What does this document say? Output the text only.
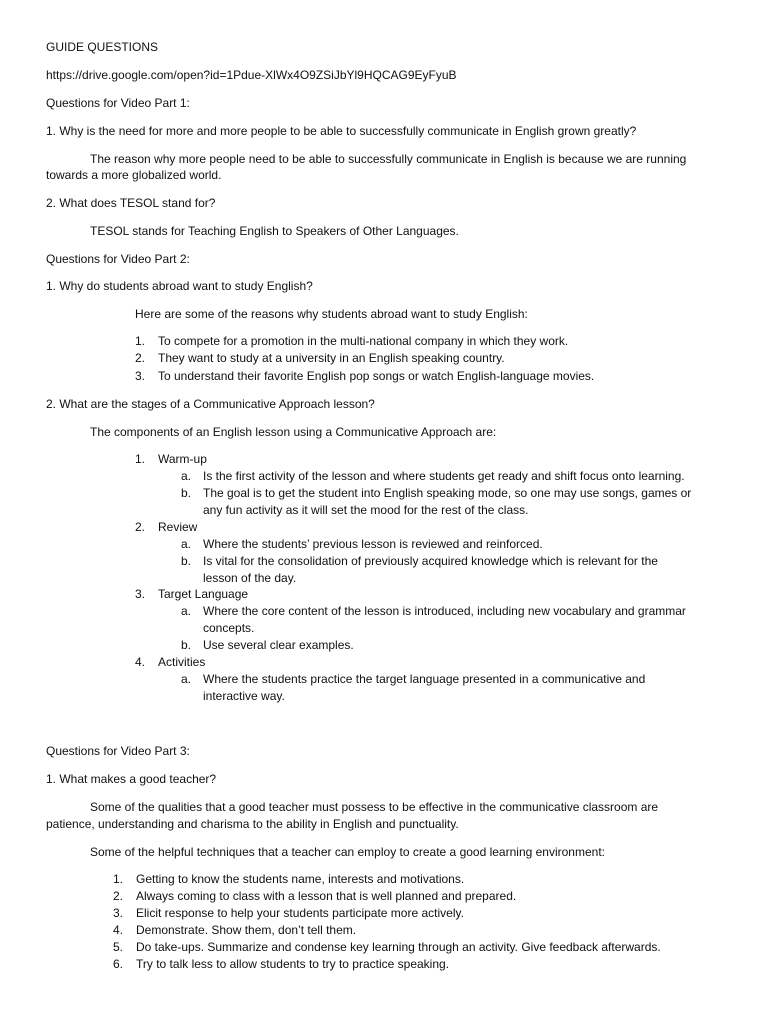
GUIDE QUESTIONS
https://drive.google.com/open?id=1Pdue-XlWx4O9ZSiJbYl9HQCAG9EyFyuB
Questions for Video Part 1:
1. Why is the need for more and more people to be able to successfully communicate in English grown greatly?
The reason why more people need to be able to successfully communicate in English is because we are running
towards a more globalized world.
2. What does TESOL stand for?
TESOL stands for Teaching English to Speakers of Other Languages.
Questions for Video Part 2:
1. Why do students abroad want to study English?
Here are some of the reasons why students abroad want to study English:
1. To compete for a promotion in the multi-national company in which they work.
2. They want to study at a university in an English speaking country.
3. To understand their favorite English pop songs or watch English-language movies.
2. What are the stages of a Communicative Approach lesson?
The components of an English lesson using a Communicative Approach are:
1. Warm-up
a. Is the first activity of the lesson and where students get ready and shift focus onto learning.
b. The goal is to get the student into English speaking mode, so one may use songs, games or
any fun activity as it will set the mood for the rest of the class.
2. Review
a. Where the students’ previous lesson is reviewed and reinforced.
b. Is vital for the consolidation of previously acquired knowledge which is relevant for the
lesson of the day.
3. Target Language
a. Where the core content of the lesson is introduced, including new vocabulary and grammar
concepts.
b. Use several clear examples.
4. Activities
a. Where the students practice the target language presented in a communicative and
interactive way.
Questions for Video Part 3:
1. What makes a good teacher?
Some of the qualities that a good teacher must possess to be effective in the communicative classroom are
patience, understanding and charisma to the ability in English and punctuality.
Some of the helpful techniques that a teacher can employ to create a good learning environment:
1. Getting to know the students name, interests and motivations.
2. Always coming to class with a lesson that is well planned and prepared.
3. Elicit response to help your students participate more actively.
4. Demonstrate. Show them, don’t tell them.
5. Do take-ups. Summarize and condense key learning through an activity. Give feedback afterwards.
6. Try to talk less to allow students to try to practice speaking.
